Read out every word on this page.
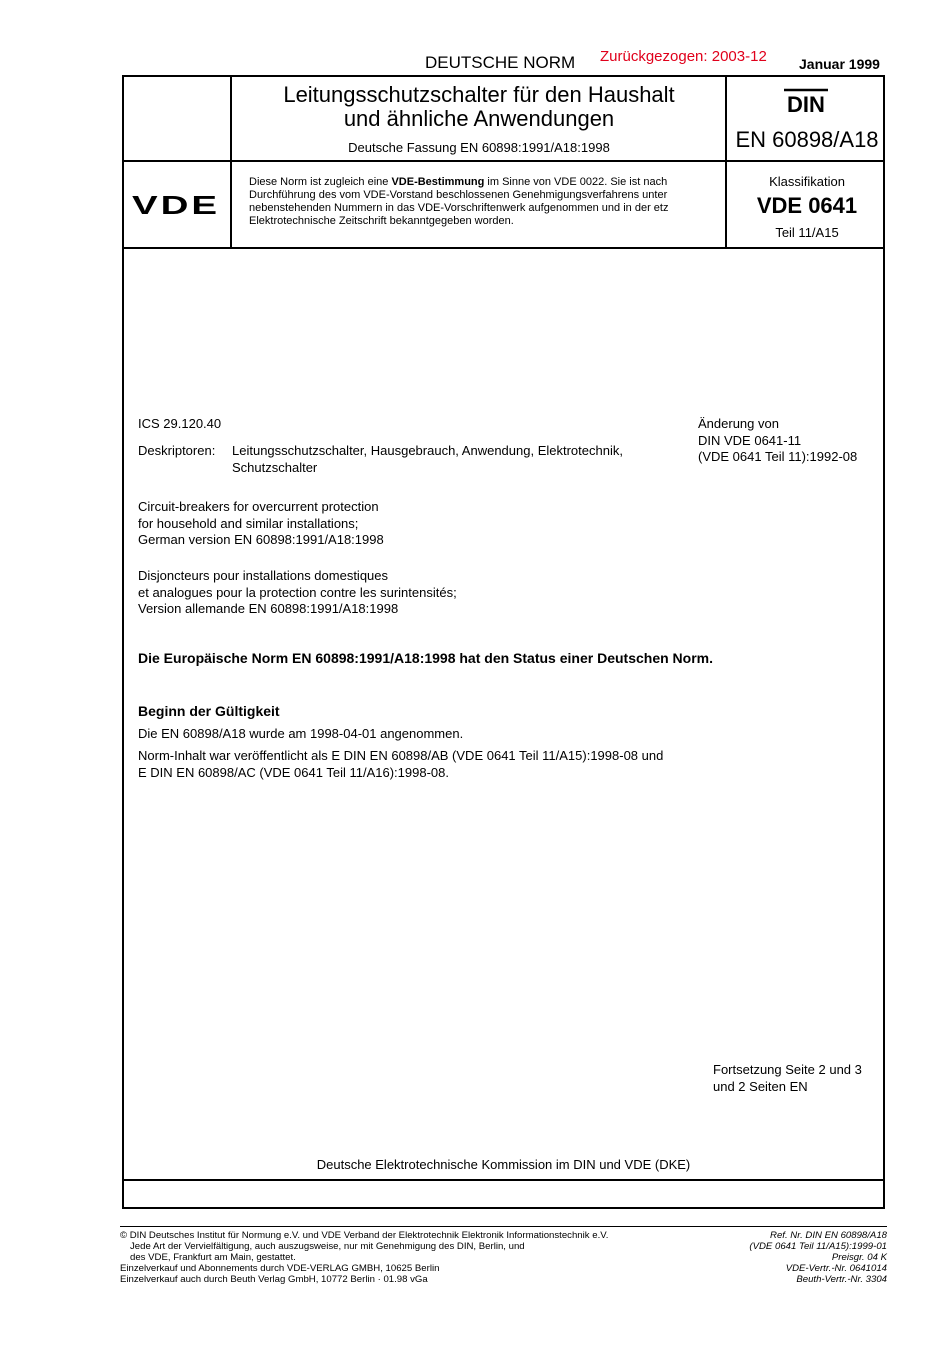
DEUTSCHE NORM Zurückgezogen: 2003-12 Januar 1999
Leitungsschutzschalter für den Haushalt
und ähnliche Anwendungen
Deutsche Fassung EN 60898:1991/A18:1998
DIN
EN 60898/A18
VDE
Diese Norm ist zugleich eine VDE-Bestimmung im Sinne von VDE 0022. Sie ist nach Durchführung des vom VDE-Vorstand beschlossenen Genehmigungsverfahrens unter nebenstehenden Nummern in das VDE-Vorschriftenwerk aufgenommen und in der etz Elektrotechnische Zeitschrift bekanntgegeben worden.
Klassifikation
VDE 0641
Teil 11/A15
ICS 29.120.40
Deskriptoren: Leitungsschutzschalter, Hausgebrauch, Anwendung, Elektrotechnik, Schutzschalter
Änderung von
DIN VDE 0641-11
(VDE 0641 Teil 11):1992-08
Circuit-breakers for overcurrent protection
for household and similar installations;
German version EN 60898:1991/A18:1998
Disjoncteurs pour installations domestiques
et analogues pour la protection contre les surintensités;
Version allemande EN 60898:1991/A18:1998
Die Europäische Norm EN 60898:1991/A18:1998 hat den Status einer Deutschen Norm.
Beginn der Gültigkeit
Die EN 60898/A18 wurde am 1998-04-01 angenommen.
Norm-Inhalt war veröffentlicht als E DIN EN 60898/AB (VDE 0641 Teil 11/A15):1998-08 und
E DIN EN 60898/AC (VDE 0641 Teil 11/A16):1998-08.
Fortsetzung Seite 2 und 3
und 2 Seiten EN
Deutsche Elektrotechnische Kommission im DIN und VDE (DKE)
© DIN Deutsches Institut für Normung e.V. und VDE Verband der Elektrotechnik Elektronik Informationstechnik e.V.
Jede Art der Vervielfältigung, auch auszugsweise, nur mit Genehmigung des DIN, Berlin, und
des VDE, Frankfurt am Main, gestattet.
Einzelverkauf und Abonnements durch VDE-VERLAG GMBH, 10625 Berlin
Einzelverkauf auch durch Beuth Verlag GmbH, 10772 Berlin · 01.98 vGa
Ref. Nr. DIN EN 60898/A18
(VDE 0641 Teil 11/A15):1999-01
Preisgr. 04 K
VDE-Vertr.-Nr. 0641014
Beuth-Vertr.-Nr. 3304
